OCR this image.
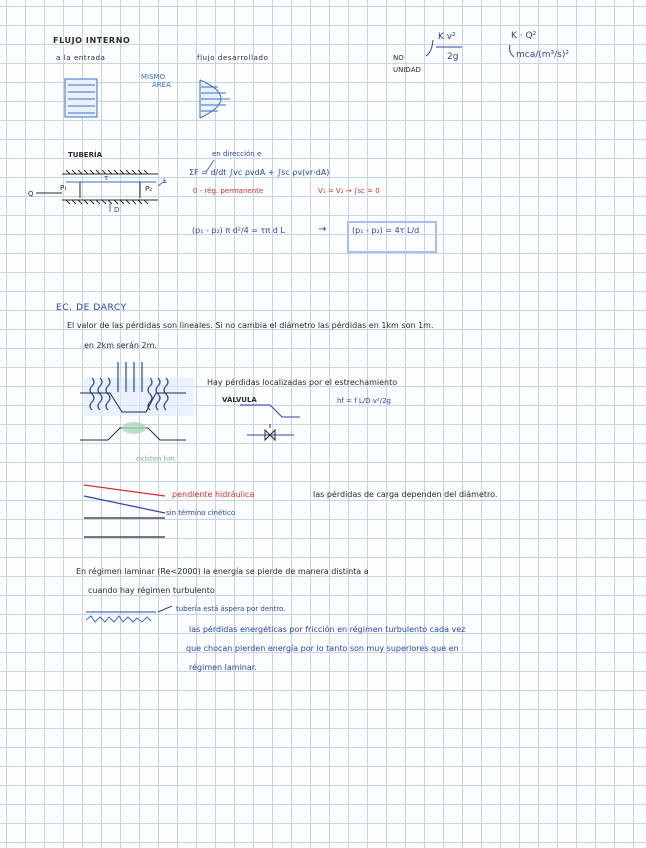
FLUJO INTERNO
a la entrada	flujo desarrollado
MISMO
ÁREA
NO
UNIDAD
K v²
2g
K · Q²
mca/(m³/s)²
TUBERÍA
Q
P₁	P₂
τ
D
L
en dirección e
ΣF = d/dt ∫vc ρvdA + ∫sc ρv(vr·dA)
0 - rég. permanente	V₁ = V₂ → ∫sc = 0
(p₁ - p₂) π d²/4 = τπ d L	→	(p₁ - p₂) = 4τ L/d
EC. DE DARCY
El valor de las pérdidas son lineales. Si no cambia el diámetro las pérdidas en 1km son 1m.
en 2km serán 2m.
Hay pérdidas localizadas por el estrechamiento
VÁLVULA	hf = f L/D v²/2g
existen hm
pendiente hidráulica
sin término cinético
las pérdidas de carga dependen del diámetro.
En régimen laminar (Re<2000) la energía se pierde de manera distinta a
cuando hay régimen turbulento
tubería está áspera por dentro.
las pérdidas energéticas por fricción en régimen turbulento cada vez
que chocan pierden energía por lo tanto son muy superiores que en
régimen laminar.
